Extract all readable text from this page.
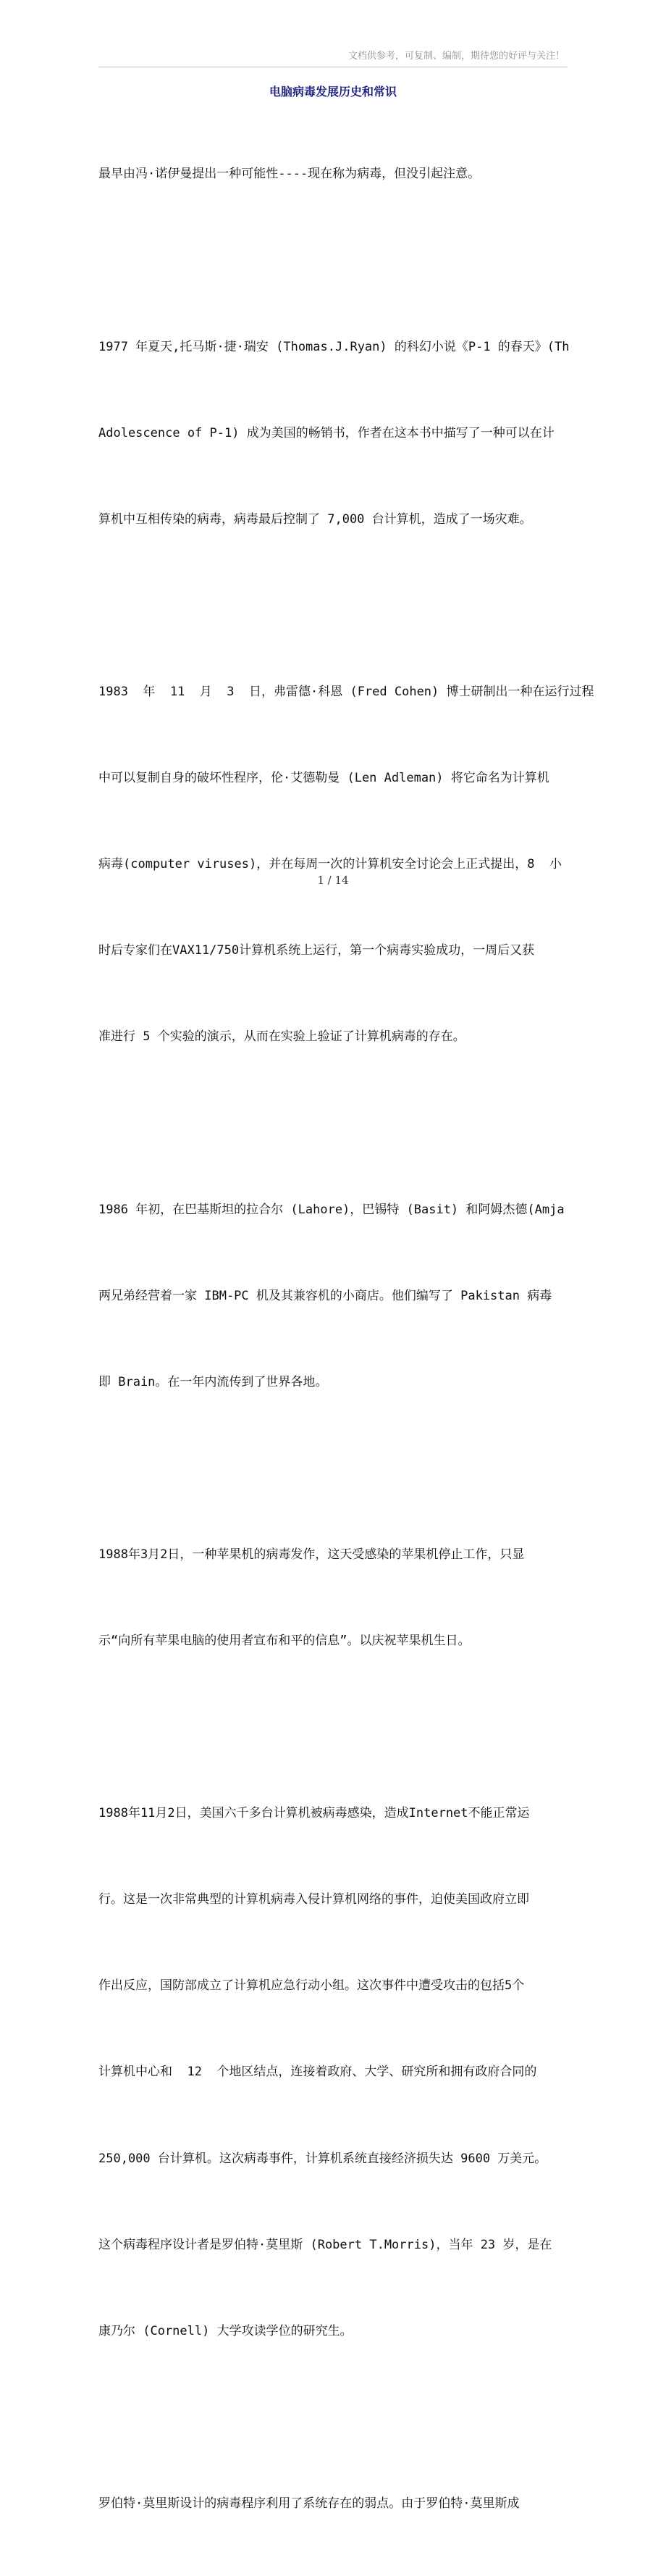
文档供参考，可复制、编制，期待您的好评与关注！
电脑病毒发展历史和常识

最早由冯·诺伊曼提出一种可能性----现在称为病毒，但没引起注意。

1977 年夏天,托马斯·捷·瑞安 (Thomas.J.Ryan) 的科幻小说《P-1 的春天》(Th

Adolescence of P-1) 成为美国的畅销书，作者在这本书中描写了一种可以在计

算机中互相传染的病毒，病毒最后控制了 7,000 台计算机，造成了一场灾难。

1983  年  11  月  3  日，弗雷德·科恩 (Fred Cohen) 博士研制出一种在运行过程

中可以复制自身的破坏性程序，伦·艾德勒曼 (Len Adleman) 将它命名为计算机

病毒(computer viruses)，并在每周一次的计算机安全讨论会上正式提出，8  小

时后专家们在VAX11/750计算机系统上运行，第一个病毒实验成功，一周后又获

准进行 5 个实验的演示，从而在实验上验证了计算机病毒的存在。

1986 年初，在巴基斯坦的拉合尔 (Lahore)，巴锡特 (Basit) 和阿姆杰德(Amja

两兄弟经营着一家 IBM-PC 机及其兼容机的小商店。他们编写了 Pakistan 病毒

即 Brain。在一年内流传到了世界各地。

1988年3月2日，一种苹果机的病毒发作，这天受感染的苹果机停止工作，只显

示“向所有苹果电脑的使用者宣布和平的信息”。以庆祝苹果机生日。

1988年11月2日，美国六千多台计算机被病毒感染，造成Internet不能正常运

行。这是一次非常典型的计算机病毒入侵计算机网络的事件，迫使美国政府立即

作出反应，国防部成立了计算机应急行动小组。这次事件中遭受攻击的包括5个

计算机中心和  12  个地区结点，连接着政府、大学、研究所和拥有政府合同的

250,000 台计算机。这次病毒事件，计算机系统直接经济损失达 9600 万美元。

这个病毒程序设计者是罗伯特·莫里斯 (Robert T.Morris)，当年 23 岁，是在

康乃尔 (Cornell) 大学攻读学位的研究生。

罗伯特·莫里斯设计的病毒程序利用了系统存在的弱点。由于罗伯特·莫里斯成

1 / 14
